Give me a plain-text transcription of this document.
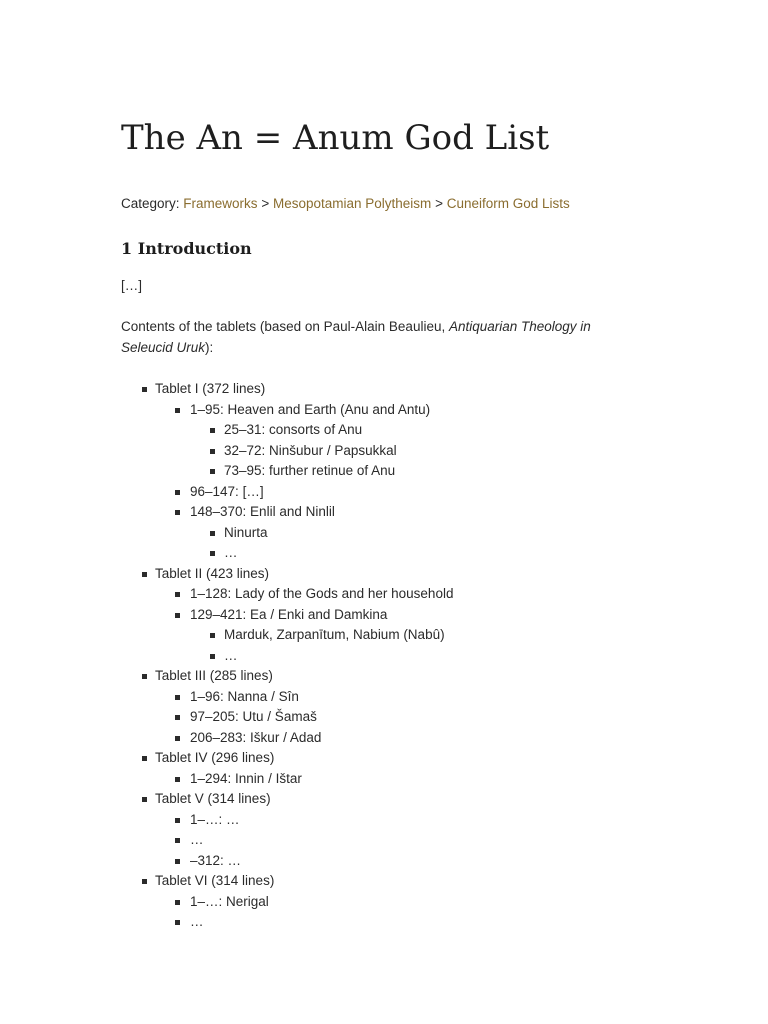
The An = Anum God List
Category: Frameworks > Mesopotamian Polytheism > Cuneiform God Lists
1 Introduction

[…]

Contents of the tablets (based on Paul-Alain Beaulieu, Antiquarian Theology in Seleucid Uruk):

Tablet I (372 lines)
1–95: Heaven and Earth (Anu and Antu)
25–31: consorts of Anu
32–72: Ninšubur / Papsukkal
73–95: further retinue of Anu
96–147: […]
148–370: Enlil and Ninlil
Ninurta
…
Tablet II (423 lines)
1–128: Lady of the Gods and her household
129–421: Ea / Enki and Damkina
Marduk, Zarpanītum, Nabium (Nabû)
…
Tablet III (285 lines)
1–96: Nanna / Sîn
97–205: Utu / Šamaš
206–283: Iškur / Adad
Tablet IV (296 lines)
1–294: Innin / Ištar
Tablet V (314 lines)
1–…: …
…
–312: …
Tablet VI (314 lines)
1–…: Nerigal
…
